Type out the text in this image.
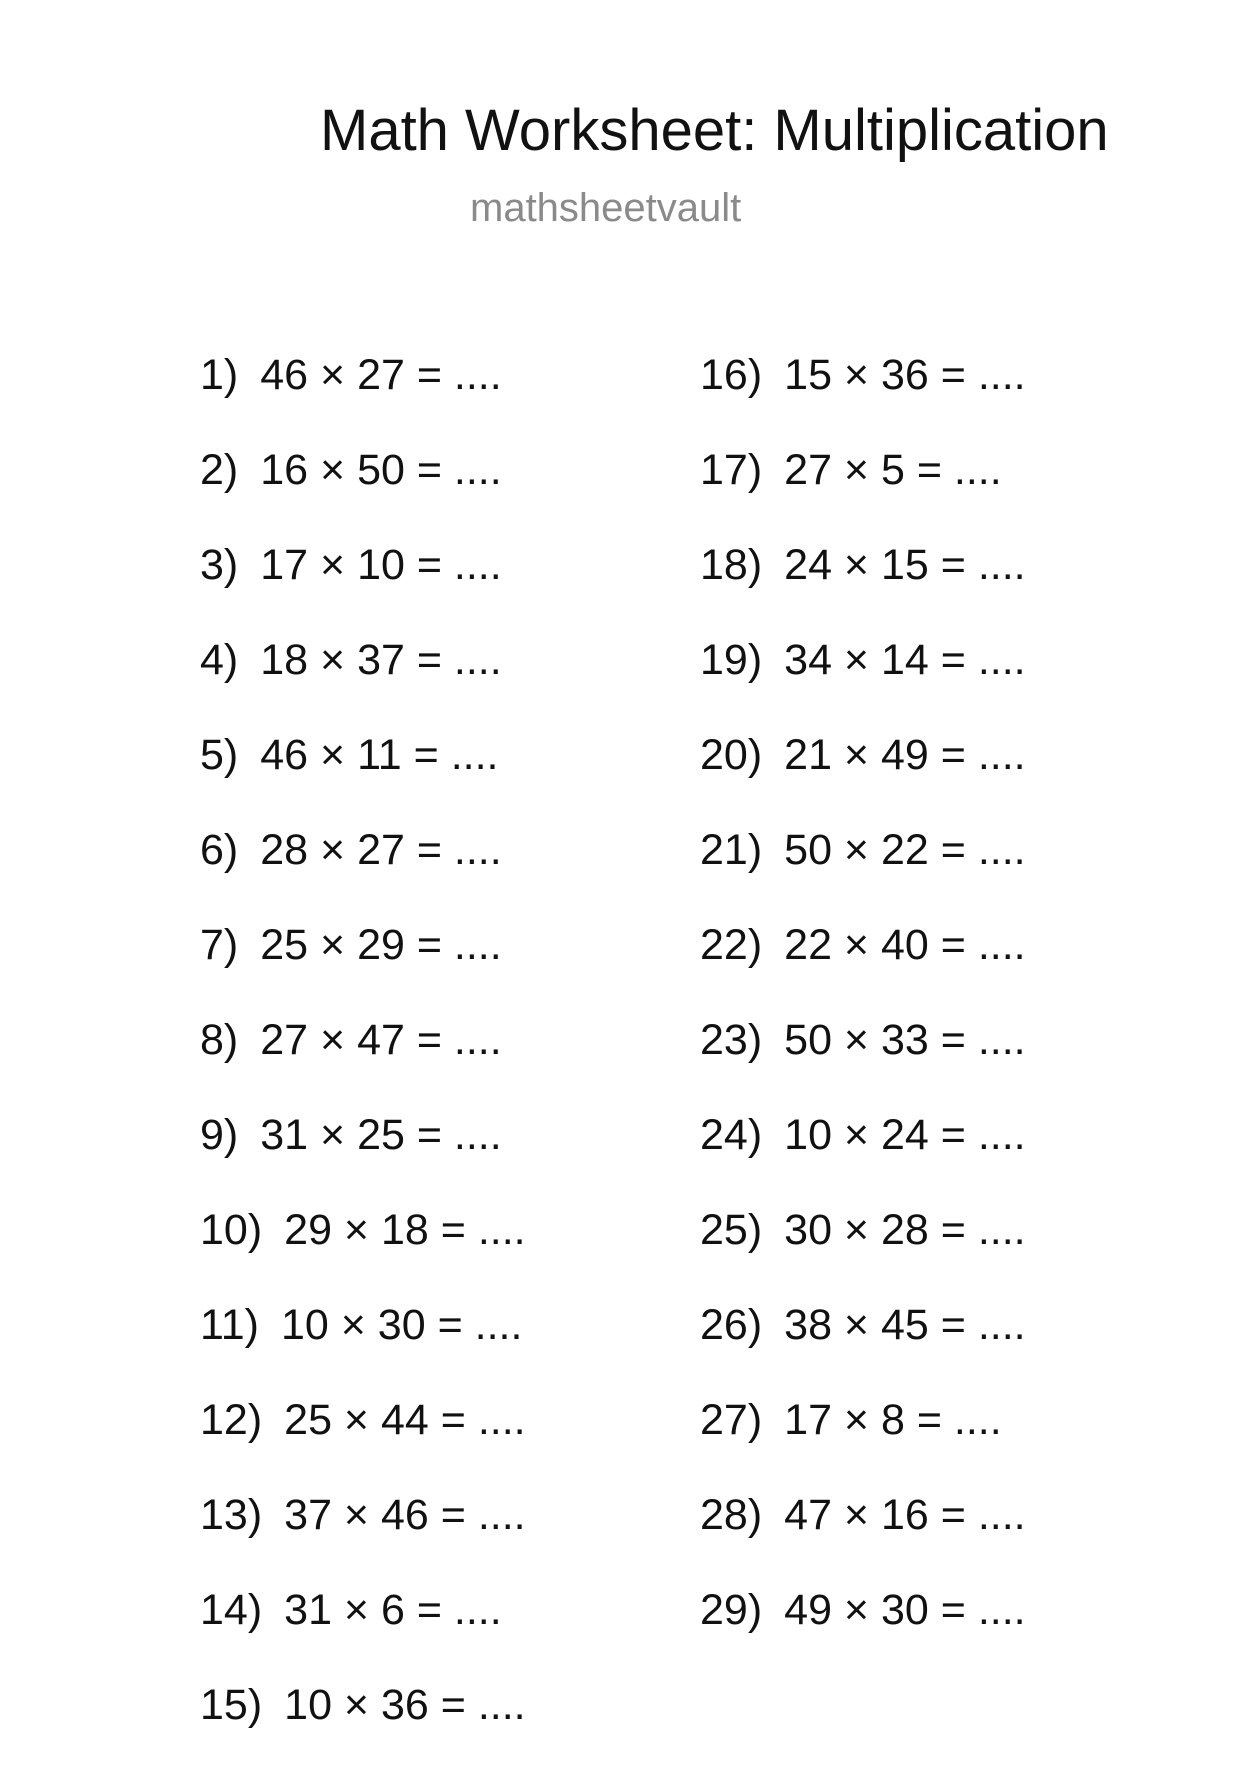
Math Worksheet: Multiplication
mathsheetvault
1) 46 × 27 = ....
2) 16 × 50 = ....
3) 17 × 10 = ....
4) 18 × 37 = ....
5) 46 × 11 = ....
6) 28 × 27 = ....
7) 25 × 29 = ....
8) 27 × 47 = ....
9) 31 × 25 = ....
10) 29 × 18 = ....
11) 10 × 30 = ....
12) 25 × 44 = ....
13) 37 × 46 = ....
14) 31 × 6 = ....
15) 10 × 36 = ....
16) 15 × 36 = ....
17) 27 × 5 = ....
18) 24 × 15 = ....
19) 34 × 14 = ....
20) 21 × 49 = ....
21) 50 × 22 = ....
22) 22 × 40 = ....
23) 50 × 33 = ....
24) 10 × 24 = ....
25) 30 × 28 = ....
26) 38 × 45 = ....
27) 17 × 8 = ....
28) 47 × 16 = ....
29) 49 × 30 = ....
